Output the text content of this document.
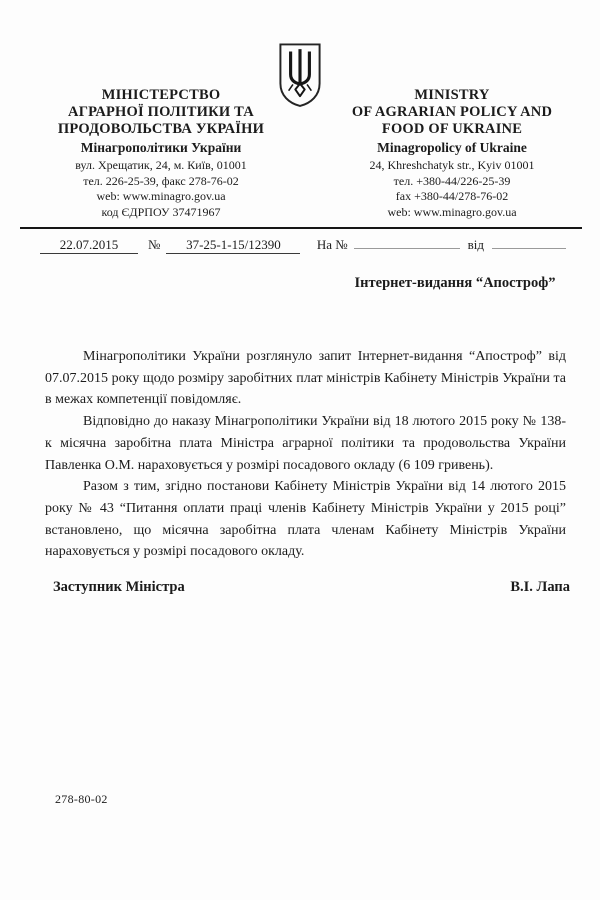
МІНІСТЕРСТВО
АГРАРНОЇ ПОЛІТИКИ ТА
ПРОДОВОЛЬСТВА УКРАЇНИ
Мінагрополітики України
вул. Хрещатик, 24, м. Київ, 01001
тел. 226-25-39, факс 278-76-02
web: www.minagro.gov.ua
код ЄДРПОУ 37471967
MINISTRY
OF AGRARIAN POLICY AND
FOOD OF UKRAINE
Minagropolicy of Ukraine
24, Khreshchatyk str., Kyiv 01001
тел. +380-44/226-25-39
fax +380-44/278-76-02
web: www.minagro.gov.ua
22.07.2015	№	37-25-1-15/12390	На №	від
Інтернет-видання “Апостроф”

Мінагрополітики України розглянуло запит Інтернет-видання “Апостроф” від 07.07.2015 року щодо розміру заробітних плат міністрів Кабінету Міністрів України та в межах компетенції повідомляє.

Відповідно до наказу Мінагрополітики України від 18 лютого 2015 року № 138-к місячна заробітна плата Міністра аграрної політики та продовольства України Павленка О.М. нараховується у розмірі посадового окладу (6 109 гривень).

Разом з тим, згідно постанови Кабінету Міністрів України від 14 лютого 2015 року № 43 “Питання оплати праці членів Кабінету Міністрів України у 2015 році” встановлено, що місячна заробітна плата членам Кабінету Міністрів України нараховується у розмірі посадового окладу.

Заступник Міністра	В.І. Лапа
278-80-02
